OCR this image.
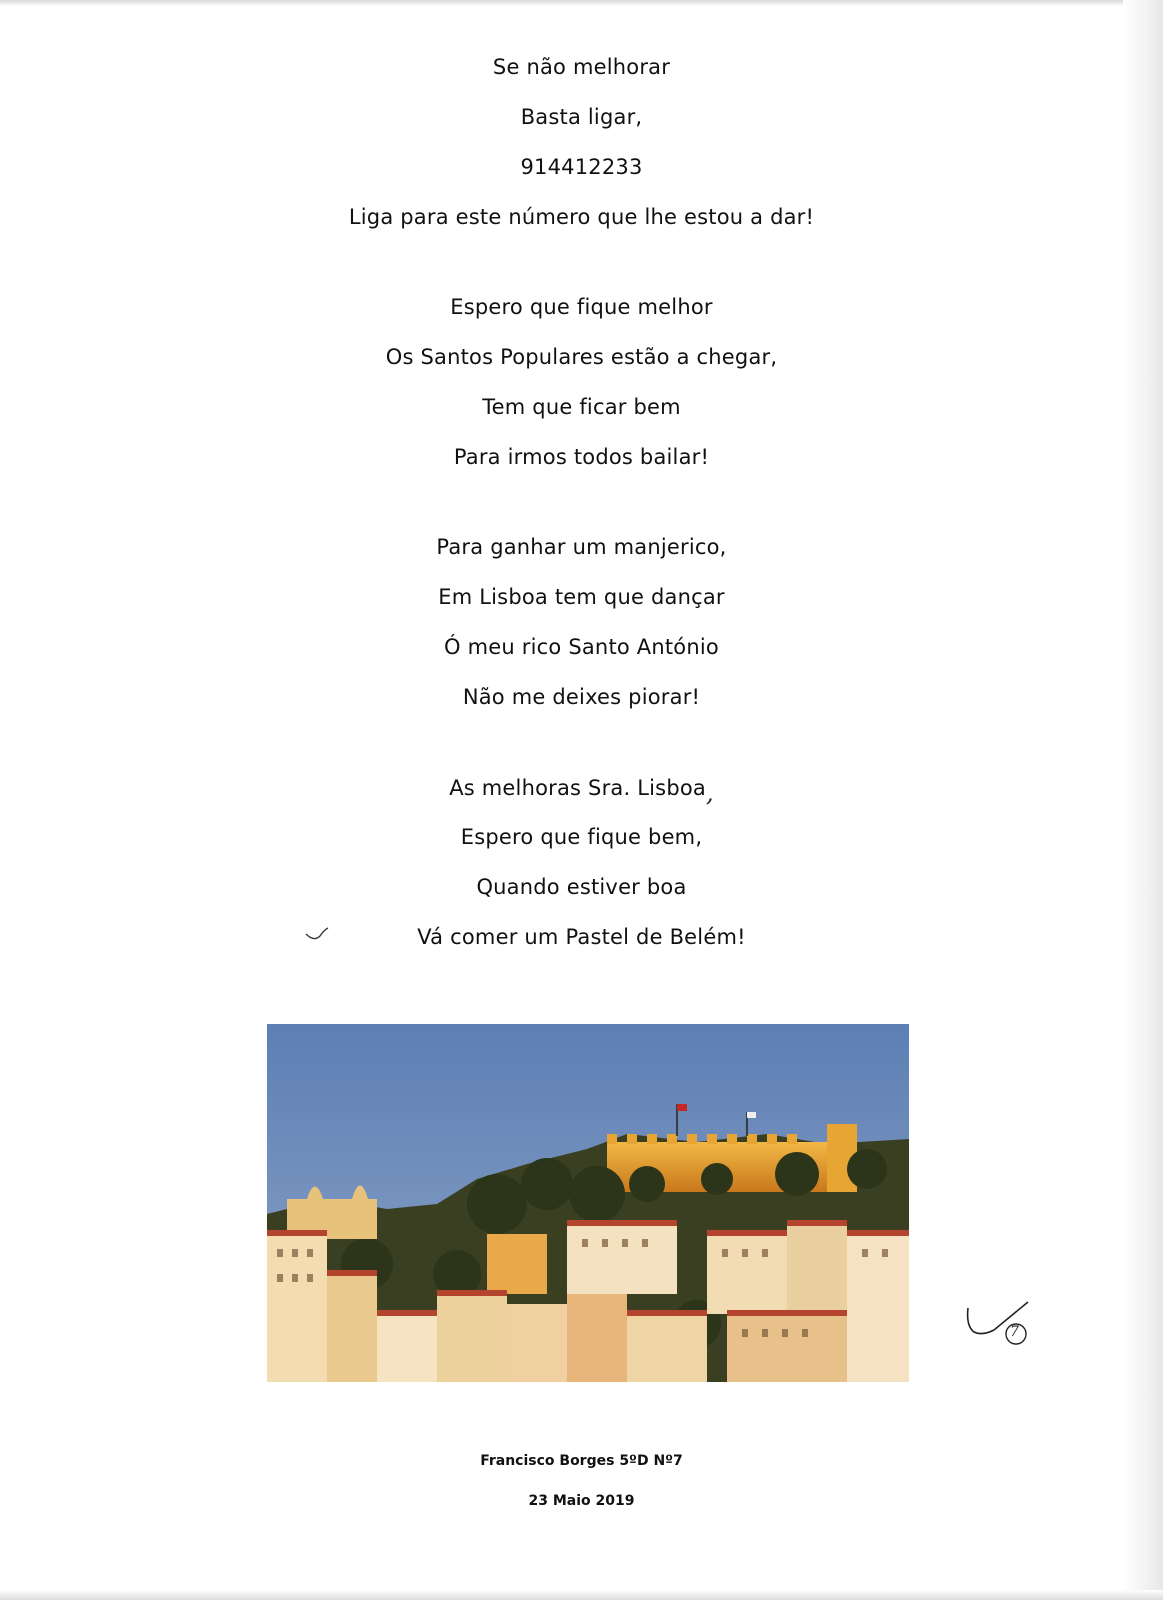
Se não melhorar
Basta ligar,
914412233
Liga para este número que lhe estou a dar!
Espero que fique melhor
Os Santos Populares estão a chegar,
Tem que ficar bem
Para irmos todos bailar!
Para ganhar um manjerico,
Em Lisboa tem que dançar
Ó meu rico Santo António
Não me deixes piorar!
As melhoras Sra. Lisboa,
Espero que fique bem,
Quando estiver boa
Vá comer um Pastel de Belém!
7
Francisco Borges 5ºD Nº7
23 Maio 2019
